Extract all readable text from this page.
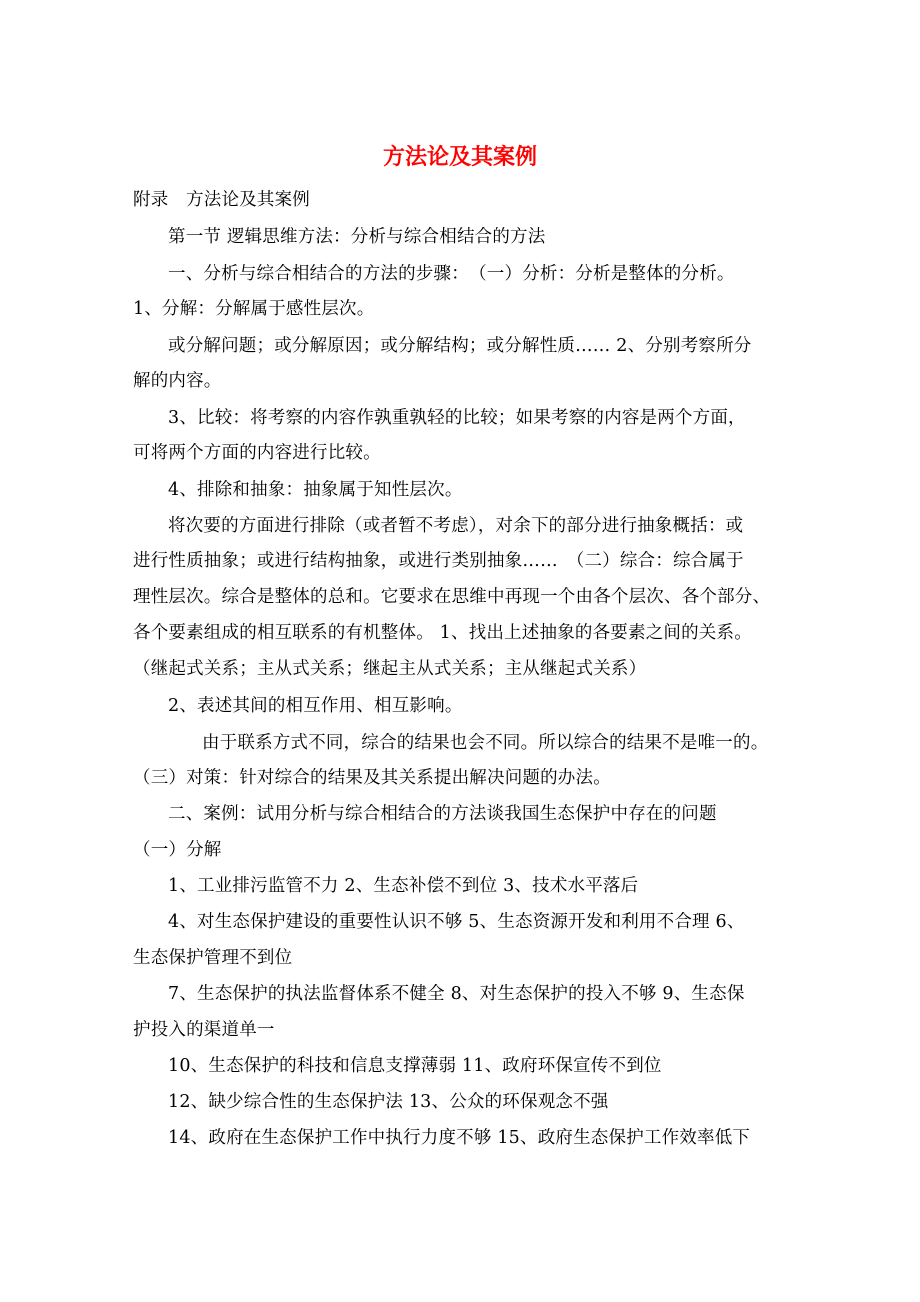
方法论及其案例
附录　方法论及其案例
第一节 逻辑思维方法：分析与综合相结合的方法
一、分析与综合相结合的方法的步骤：　（一）分析：分析是整体的分析。
1、分解：分解属于感性层次。
或分解问题；或分解原因；或分解结构；或分解性质…… 2、分别考察所分
解的内容。
3、比较：将考察的内容作孰重孰轻的比较；如果考察的内容是两个方面，
可将两个方面的内容进行比较。
4、排除和抽象：抽象属于知性层次。
将次要的方面进行排除（或者暂不考虑），对余下的部分进行抽象概括：或
进行性质抽象；或进行结构抽象，或进行类别抽象……　（二）综合：综合属于
理性层次。综合是整体的总和。它要求在思维中再现一个由各个层次、各个部分、
各个要素组成的相互联系的有机整体。 1、找出上述抽象的各要素之间的关系。
（继起式关系；主从式关系；继起主从式关系；主从继起式关系）
2、表述其间的相互作用、相互影响。
由于联系方式不同，综合的结果也会不同。所以综合的结果不是唯一的。
（三）对策：针对综合的结果及其关系提出解决问题的办法。
二、案例：试用分析与综合相结合的方法谈我国生态保护中存在的问题
（一）分解
1、工业排污监管不力 2、生态补偿不到位 3、技术水平落后
4、对生态保护建设的重要性认识不够 5、生态资源开发和利用不合理 6、
生态保护管理不到位
7、生态保护的执法监督体系不健全 8、对生态保护的投入不够 9、生态保
护投入的渠道单一
10、生态保护的科技和信息支撑薄弱 11、政府环保宣传不到位
12、缺少综合性的生态保护法 13、公众的环保观念不强
14、政府在生态保护工作中执行力度不够 15、政府生态保护工作效率低下
